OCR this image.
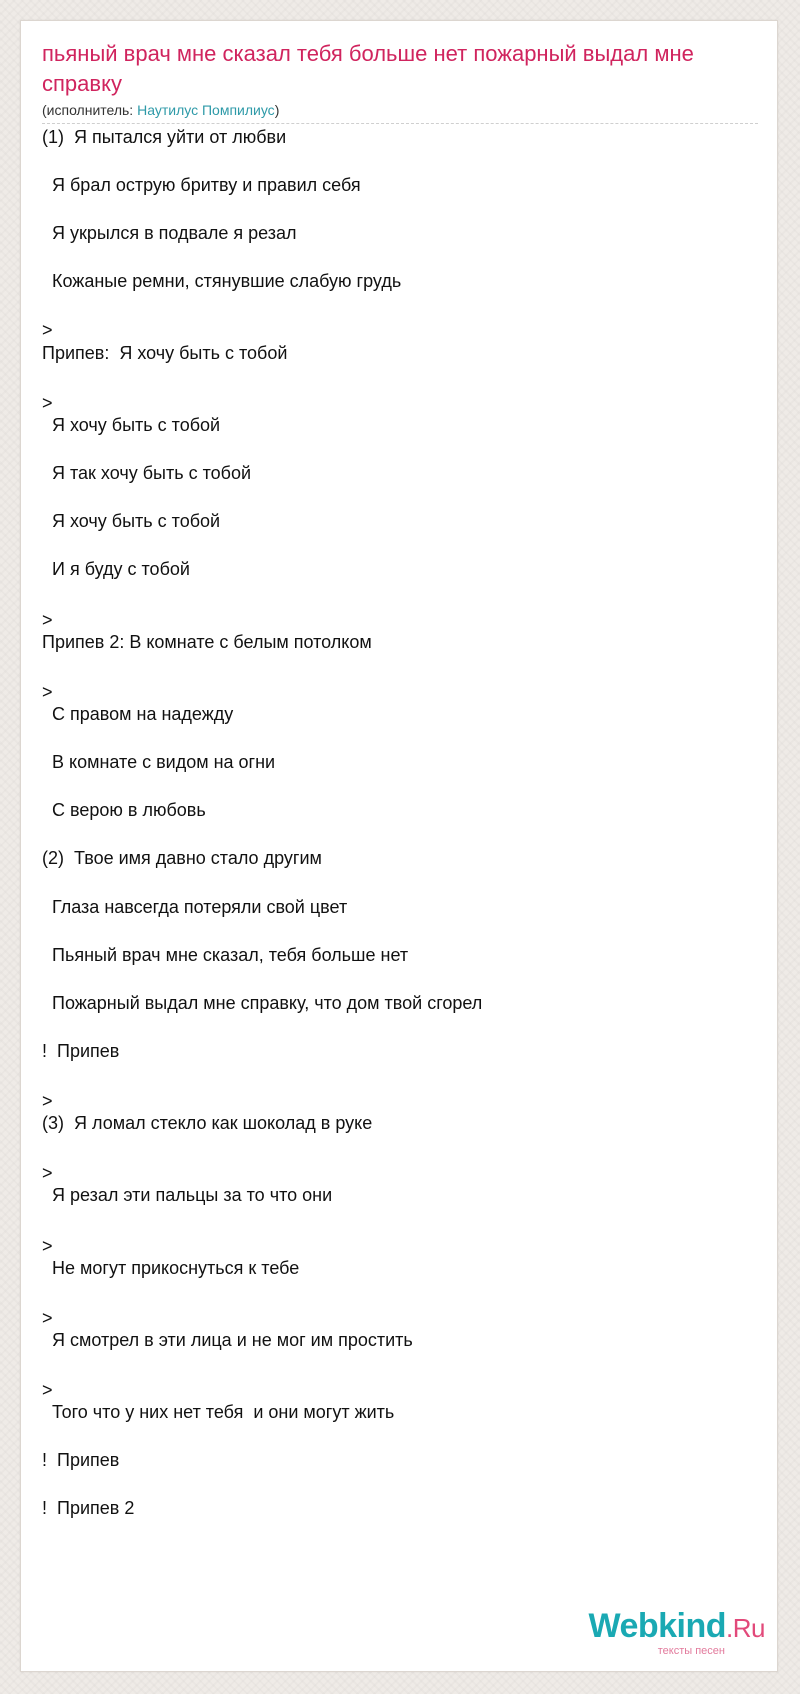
пьяный врач мне сказал тебя больше нет пожарный выдал мне справку
(исполнитель: Наутилус Помпилиус)
(1)  Я пытался уйти от любви
Я брал острую бритву и правил себя
Я укрылся в подвале я резал
Кожаные ремни, стянувшие слабую грудь
>
Припев:  Я хочу быть с тобой
>
Я хочу быть с тобой
Я так хочу быть с тобой
Я хочу быть с тобой
И я буду с тобой
>
Припев 2: В комнате с белым потолком
>
С правом на надежду
В комнате с видом на огни
С верою в любовь
(2)  Твое имя давно стало другим
Глаза навсегда потеряли свой цвет
Пьяный врач мне сказал, тебя больше нет
Пожарный выдал мне справку, что дом твой сгорел
!  Припев
>
(3)  Я ломал стекло как шоколад в руке
>
Я резал эти пальцы за то что они
>
Не могут прикоснуться к тебе
>
Я смотрел в эти лица и не мог им простить
>
Того что у них нет тебя  и они могут жить
!  Припев
!  Припев 2
Webkind.Ru
тексты песен
